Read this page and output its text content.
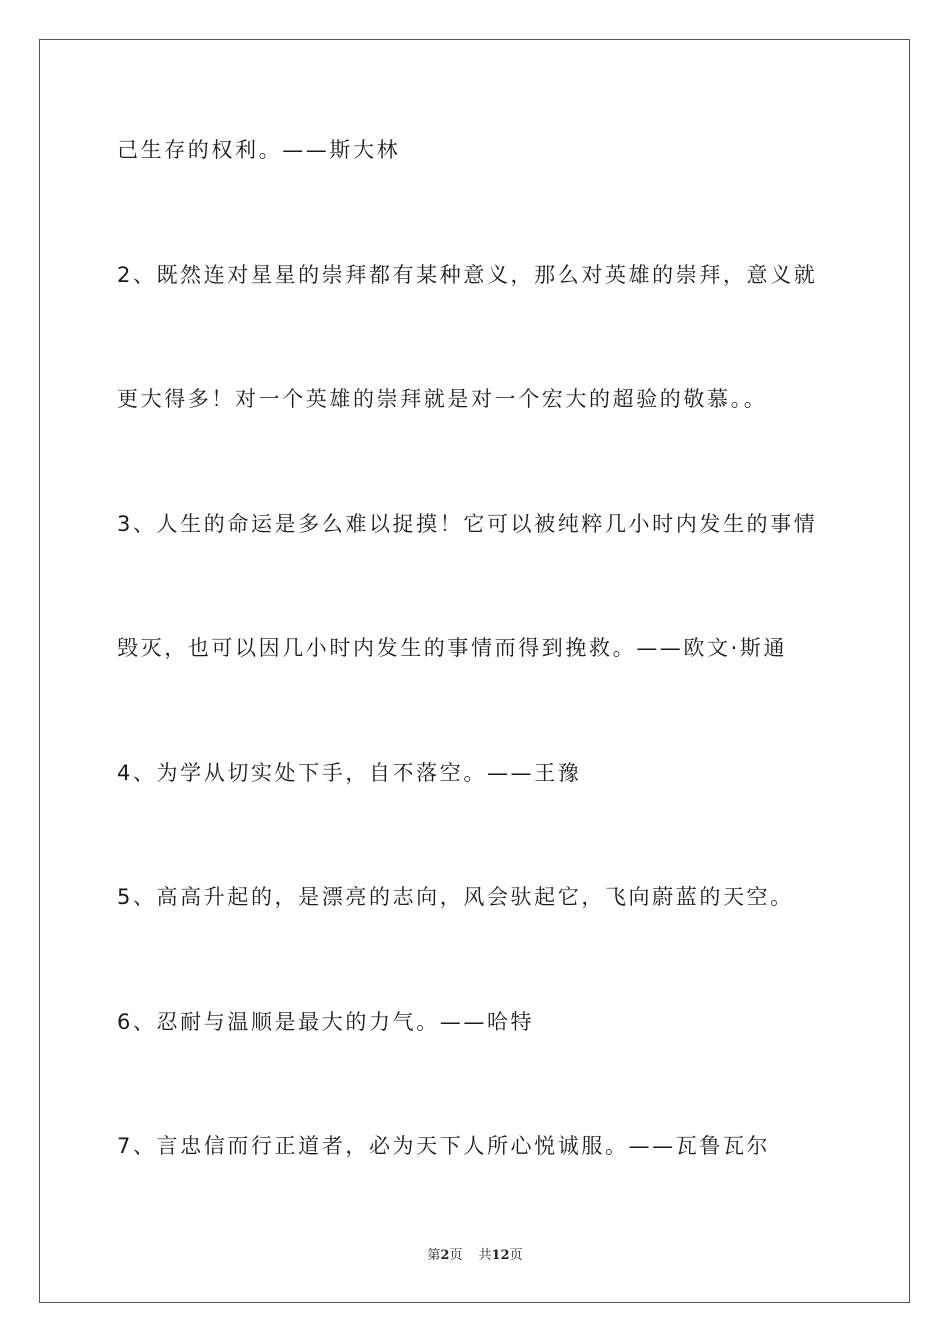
己生存的权利。——斯大林
2、既然连对星星的崇拜都有某种意义，那么对英雄的崇拜，意义就
更大得多！对一个英雄的崇拜就是对一个宏大的超验的敬慕。。
3、人生的命运是多么难以捉摸！它可以被纯粹几小时内发生的事情
毁灭，也可以因几小时内发生的事情而得到挽救。——欧文·斯通
4、为学从切实处下手，自不落空。——王豫
5、高高升起的，是漂亮的志向，风会驮起它，飞向蔚蓝的天空。
6、忍耐与温顺是最大的力气。——哈特
7、言忠信而行正道者，必为天下人所心悦诚服。——瓦鲁瓦尔
第2页 共12页
